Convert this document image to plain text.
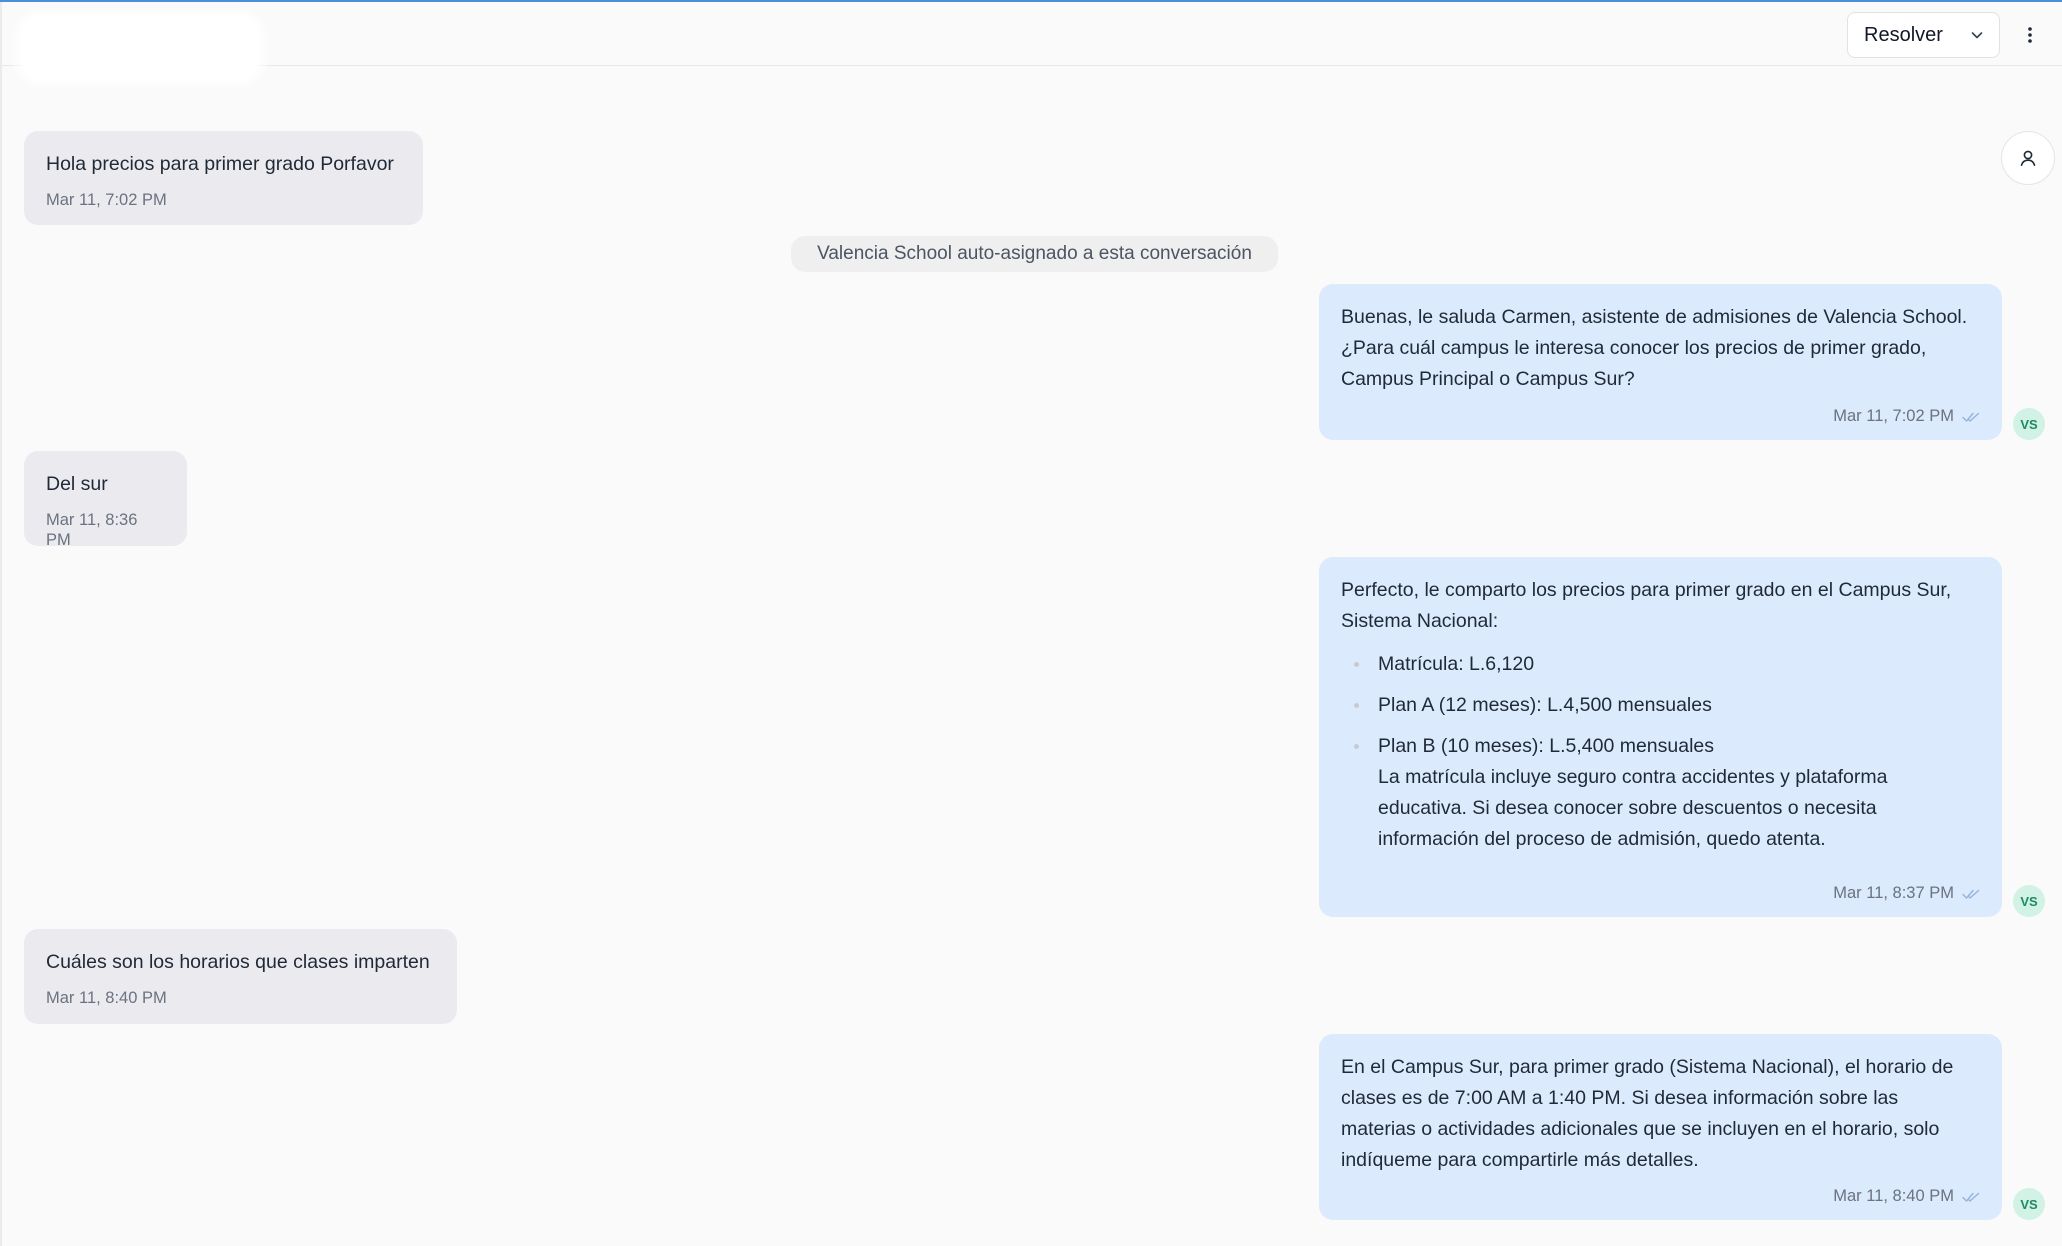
Resolver
Hola precios para primer grado Porfavor
Mar 11, 7:02 PM
Valencia School auto-asignado a esta conversación
Buenas, le saluda Carmen, asistente de admisiones de Valencia School.
¿Para cuál campus le interesa conocer los precios de primer grado,
Campus Principal o Campus Sur?
Mar 11, 7:02 PM	VS
Del sur
Mar 11, 8:36 PM
Perfecto, le comparto los precios para primer grado en el Campus Sur,
Sistema Nacional:
Matrícula: L.6,120
Plan A (12 meses): L.4,500 mensuales
Plan B (10 meses): L.5,400 mensuales
La matrícula incluye seguro contra accidentes y plataforma
educativa. Si desea conocer sobre descuentos o necesita
información del proceso de admisión, quedo atenta.
Mar 11, 8:37 PM	VS
Cuáles son los horarios que clases imparten
Mar 11, 8:40 PM
En el Campus Sur, para primer grado (Sistema Nacional), el horario de
clases es de 7:00 AM a 1:40 PM. Si desea información sobre las
materias o actividades adicionales que se incluyen en el horario, solo
indíqueme para compartirle más detalles.
Mar 11, 8:40 PM	VS
